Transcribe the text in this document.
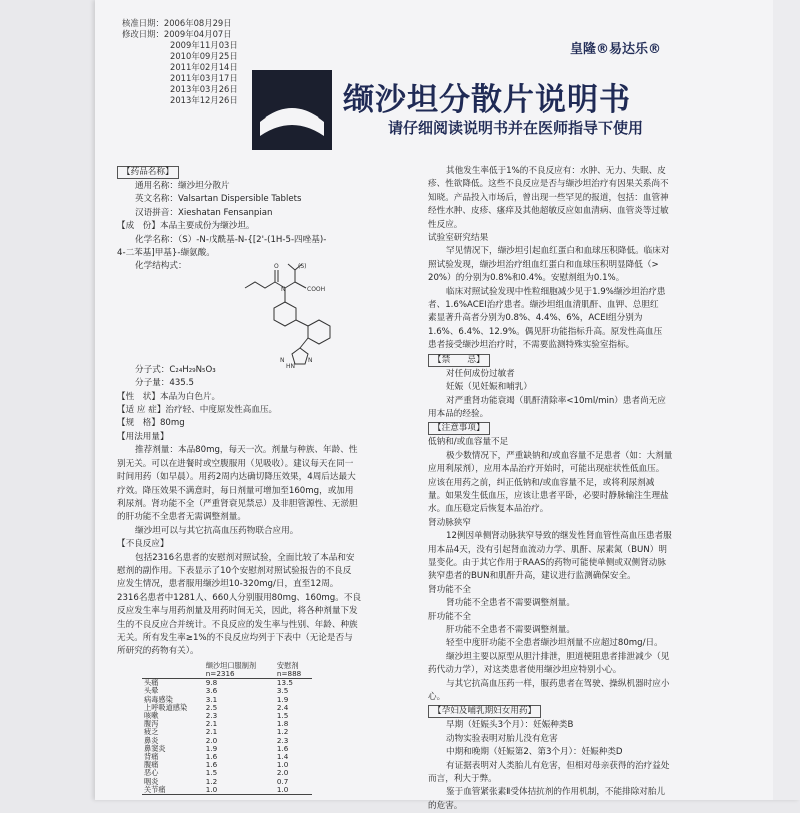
核准日期：2006年08月29日
修改日期：2009年04月07日
2009年11月03日
2010年09月25日
2011年02月14日
2011年03月17日
2013年03月26日
2013年12月26日
皇隆®易达乐®
缬沙坦分散片说明书
请仔细阅读说明书并在医师指导下使用
【药品名称】
通用名称：缬沙坦分散片
英文名称：Valsartan Dispersible Tablets
汉语拼音：Xieshatan Fensanpian
【成　份】本品主要成份为缬沙坦。
化学名称：（S）-N-戊酰基-N-{[2'-(1H-5-四唑基)-
4-二苯基]甲基}-缬氨酸。
化学结构式：
分子式：C₂₄H₂₉N₅O₃
分子量：435.5
【性　状】本品为白色片。
【适 应 症】治疗轻、中度原发性高血压。
【规　格】80mg
【用法用量】
推荐剂量：本品80mg，每天一次。剂量与种族、年龄、性
别无关。可以在进餐时或空腹服用（见吸收）。建议每天在同一
时间用药（如早晨）。用药2周内达确切降压效果，4周后达最大
疗效。降压效果不满意时，每日剂量可增加至160mg，或加用
利尿剂。肾功能不全（严重肾衰见禁忌）及非胆管源性、无淤胆
的肝功能不全患者无需调整剂量。
缬沙坦可以与其它抗高血压药物联合应用。
【不良反应】
包括2316名患者的安慰剂对照试验，全面比较了本品和安
慰剂的副作用。下表显示了10个安慰剂对照试验报告的不良反
应发生情况，患者服用缬沙坦10-320mg/日，直至12周。
2316名患者中1281人、660人分别服用80mg、160mg。不良
反应发生率与用药剂量及用药时间无关，因此，将各种剂量下发
生的不良反应合并统计。不良反应的发生率与性别、年龄、种族
无关。所有发生率≥1%的不良反应均列于下表中（无论是否与
所研究的药物有关）。
	缬沙坦口服制剂
n=2316	安慰剂
n=888
头痛	9.8	13.5
头晕	3.6	3.5
病毒感染	3.1	1.9
上呼吸道感染	2.5	2.4
咳嗽	2.3	1.5
腹泻	2.1	1.8
疲乏	2.1	1.2
鼻炎	2.0	2.3
鼻窦炎	1.9	1.6
背痛	1.6	1.4
腹痛	1.6	1.0
恶心	1.5	2.0
咽炎	1.2	0.7
关节痛	1.0	1.0
O
N
(S)
COOH
N
HN
N
其他发生率低于1%的不良反应有：水肿、无力、失眠、皮
疹、性欲降低。这些不良反应是否与缬沙坦治疗有因果关系尚不
知晓。产品投入市场后，曾出现一些罕见的报道，包括：血管神
经性水肿、皮疹、瘙痒及其他超敏反应如血清病、血管炎等过敏
性反应。
试验室研究结果
罕见情况下，缬沙坦引起血红蛋白和血球压积降低。临床对
照试验发现，缬沙坦治疗组血红蛋白和血球压积明显降低（>
20%）的分别为0.8%和0.4%。安慰剂组为0.1%。
临床对照试验发现中性粒细胞减少见于1.9%缬沙坦治疗患
者、1.6%ACEI治疗患者。缬沙坦组血清肌酐、血钾、总胆红
素显著升高者分别为0.8%、4.4%、6%，ACEI组分别为
1.6%、6.4%、12.9%。偶见肝功能指标升高。原发性高血压
患者接受缬沙坦治疗时，不需要监测特殊实验室指标。
【禁　　忌】
对任何成份过敏者
妊娠（见妊娠和哺乳）
对严重肾功能衰竭（肌酐清除率<10ml/min）患者尚无应
用本品的经验。
【注意事项】
低钠和/或血容量不足
极少数情况下，严重缺钠和/或血容量不足患者（如：大剂量
应用利尿剂），应用本品治疗开始时，可能出现症状性低血压。
应该在用药之前，纠正低钠和/或血容量不足，或将利尿剂减
量。如果发生低血压，应该让患者平卧，必要时静脉输注生理盐
水。血压稳定后恢复本品治疗。
肾动脉狭窄
12例因单侧肾动脉狭窄导致的继发性肾血管性高血压患者服
用本品4天，没有引起肾血流动力学、肌酐、尿素氮（BUN）明
显变化。由于其它作用于RAAS的药物可能使单侧或双侧肾动脉
狭窄患者的BUN和肌酐升高，建议进行监测确保安全。
肾功能不全
肾功能不全患者不需要调整剂量。
肝功能不全
肝功能不全患者不需要调整剂量。
轻至中度肝功能不全患者缬沙坦剂量不应超过80mg/日。
缬沙坦主要以原型从胆汁排泄，胆道梗阻患者排泄减少（见
药代动力学），对这类患者使用缬沙坦应特别小心。
与其它抗高血压药一样，服药患者在驾驶、操纵机器时应小
心。
【孕妇及哺乳期妇女用药】
早期（妊娠头3个月）：妊娠种类B
动物实验表明对胎儿没有危害
中期和晚期（妊娠第2、第3个月）：妊娠种类D
有证据表明对人类胎儿有危害，但相对母亲获得的治疗益处
而言，利大于弊。
鉴于血管紧张素Ⅱ受体拮抗剂的作用机制，不能排除对胎儿
的危害。
